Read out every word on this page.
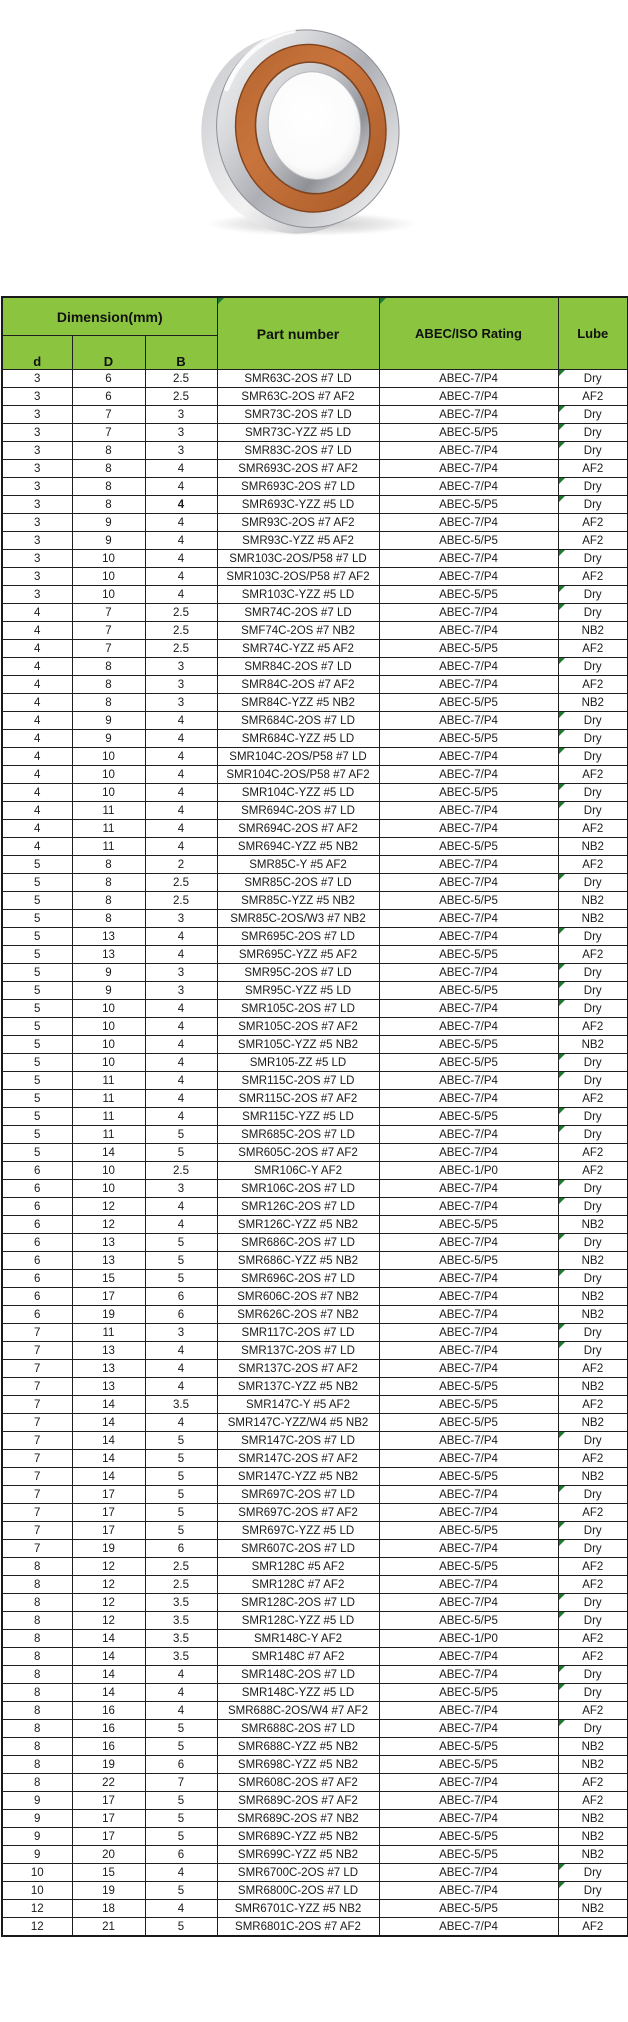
Dimension(mm)			Part number	ABEC/ISO Rating	Lube
d	D	B			
3	6	2.5	SMR63C-2OS #7 LD	ABEC-7/P4	Dry

3	6	2.5	SMR63C-2OS #7 AF2	ABEC-7/P4	AF2
3	7	3	SMR73C-2OS #7 LD	ABEC-7/P4	Dry

3	7	3	SMR73C-YZZ #5 LD	ABEC-5/P5	Dry

3	8	3	SMR83C-2OS #7 LD	ABEC-7/P4	Dry

3	8	4	SMR693C-2OS #7 AF2	ABEC-7/P4	AF2
3	8	4	SMR693C-2OS #7 LD	ABEC-7/P4	Dry

3	8	4	SMR693C-YZZ #5 LD	ABEC-5/P5	Dry

3	9	4	SMR93C-2OS #7 AF2	ABEC-7/P4	AF2
3	9	4	SMR93C-YZZ #5 AF2	ABEC-5/P5	AF2
3	10	4	SMR103C-2OS/P58 #7 LD	ABEC-7/P4	Dry

3	10	4	SMR103C-2OS/P58 #7 AF2	ABEC-7/P4	AF2
3	10	4	SMR103C-YZZ #5 LD	ABEC-5/P5	Dry

4	7	2.5	SMR74C-2OS #7 LD	ABEC-7/P4	Dry

4	7	2.5	SMF74C-2OS #7 NB2	ABEC-7/P4	NB2
4	7	2.5	SMR74C-YZZ #5 AF2	ABEC-5/P5	AF2
4	8	3	SMR84C-2OS #7 LD	ABEC-7/P4	Dry

4	8	3	SMR84C-2OS #7 AF2	ABEC-7/P4	AF2
4	8	3	SMR84C-YZZ #5 NB2	ABEC-5/P5	NB2
4	9	4	SMR684C-2OS #7 LD	ABEC-7/P4	Dry

4	9	4	SMR684C-YZZ #5 LD	ABEC-5/P5	Dry

4	10	4	SMR104C-2OS/P58 #7 LD	ABEC-7/P4	Dry

4	10	4	SMR104C-2OS/P58 #7 AF2	ABEC-7/P4	AF2
4	10	4	SMR104C-YZZ #5 LD	ABEC-5/P5	Dry

4	11	4	SMR694C-2OS #7 LD	ABEC-7/P4	Dry

4	11	4	SMR694C-2OS #7 AF2	ABEC-7/P4	AF2
4	11	4	SMR694C-YZZ #5 NB2	ABEC-5/P5	NB2
5	8	2	SMR85C-Y #5 AF2	ABEC-7/P4	AF2
5	8	2.5	SMR85C-2OS #7 LD	ABEC-7/P4	Dry

5	8	2.5	SMR85C-YZZ #5 NB2	ABEC-5/P5	NB2
5	8	3	SMR85C-2OS/W3 #7 NB2	ABEC-7/P4	NB2
5	13	4	SMR695C-2OS #7 LD	ABEC-7/P4	Dry

5	13	4	SMR695C-YZZ #5 AF2	ABEC-5/P5	AF2
5	9	3	SMR95C-2OS #7 LD	ABEC-7/P4	Dry

5	9	3	SMR95C-YZZ #5 LD	ABEC-5/P5	Dry

5	10	4	SMR105C-2OS #7 LD	ABEC-7/P4	Dry

5	10	4	SMR105C-2OS #7 AF2	ABEC-7/P4	AF2
5	10	4	SMR105C-YZZ #5 NB2	ABEC-5/P5	NB2
5	10	4	SMR105-ZZ #5 LD	ABEC-5/P5	Dry

5	11	4	SMR115C-2OS #7 LD	ABEC-7/P4	Dry

5	11	4	SMR115C-2OS #7 AF2	ABEC-7/P4	AF2
5	11	4	SMR115C-YZZ #5 LD	ABEC-5/P5	Dry

5	11	5	SMR685C-2OS #7 LD	ABEC-7/P4	Dry

5	14	5	SMR605C-2OS #7 AF2	ABEC-7/P4	AF2
6	10	2.5	SMR106C-Y AF2	ABEC-1/P0	AF2
6	10	3	SMR106C-2OS #7 LD	ABEC-7/P4	Dry

6	12	4	SMR126C-2OS #7 LD	ABEC-7/P4	Dry

6	12	4	SMR126C-YZZ #5 NB2	ABEC-5/P5	NB2
6	13	5	SMR686C-2OS #7 LD	ABEC-7/P4	Dry

6	13	5	SMR686C-YZZ #5 NB2	ABEC-5/P5	NB2
6	15	5	SMR696C-2OS #7 LD	ABEC-7/P4	Dry

6	17	6	SMR606C-2OS #7 NB2	ABEC-7/P4	NB2
6	19	6	SMR626C-2OS #7 NB2	ABEC-7/P4	NB2
7	11	3	SMR117C-2OS #7 LD	ABEC-7/P4	Dry

7	13	4	SMR137C-2OS #7 LD	ABEC-7/P4	Dry

7	13	4	SMR137C-2OS #7 AF2	ABEC-7/P4	AF2
7	13	4	SMR137C-YZZ #5 NB2	ABEC-5/P5	NB2
7	14	3.5	SMR147C-Y #5 AF2	ABEC-5/P5	AF2
7	14	4	SMR147C-YZZ/W4 #5 NB2	ABEC-5/P5	NB2
7	14	5	SMR147C-2OS #7 LD	ABEC-7/P4	Dry

7	14	5	SMR147C-2OS #7 AF2	ABEC-7/P4	AF2
7	14	5	SMR147C-YZZ #5 NB2	ABEC-5/P5	NB2
7	17	5	SMR697C-2OS #7 LD	ABEC-7/P4	Dry

7	17	5	SMR697C-2OS #7 AF2	ABEC-7/P4	AF2
7	17	5	SMR697C-YZZ #5 LD	ABEC-5/P5	Dry

7	19	6	SMR607C-2OS #7 LD	ABEC-7/P4	Dry

8	12	2.5	SMR128C #5 AF2	ABEC-5/P5	AF2
8	12	2.5	SMR128C #7 AF2	ABEC-7/P4	AF2
8	12	3.5	SMR128C-2OS #7 LD	ABEC-7/P4	Dry

8	12	3.5	SMR128C-YZZ #5 LD	ABEC-5/P5	Dry

8	14	3.5	SMR148C-Y AF2	ABEC-1/P0	AF2
8	14	3.5	SMR148C #7 AF2	ABEC-7/P4	AF2
8	14	4	SMR148C-2OS #7 LD	ABEC-7/P4	Dry

8	14	4	SMR148C-YZZ #5 LD	ABEC-5/P5	Dry

8	16	4	SMR688C-2OS/W4 #7 AF2	ABEC-7/P4	AF2
8	16	5	SMR688C-2OS #7 LD	ABEC-7/P4	Dry

8	16	5	SMR688C-YZZ #5 NB2	ABEC-5/P5	NB2
8	19	6	SMR698C-YZZ #5 NB2	ABEC-5/P5	NB2
8	22	7	SMR608C-2OS #7 AF2	ABEC-7/P4	AF2
9	17	5	SMR689C-2OS #7 AF2	ABEC-7/P4	AF2
9	17	5	SMR689C-2OS #7 NB2	ABEC-7/P4	NB2
9	17	5	SMR689C-YZZ #5 NB2	ABEC-5/P5	NB2
9	20	6	SMR699C-YZZ #5 NB2	ABEC-5/P5	NB2
10	15	4	SMR6700C-2OS #7 LD	ABEC-7/P4	Dry

10	19	5	SMR6800C-2OS #7 LD	ABEC-7/P4	Dry

12	18	4	SMR6701C-YZZ #5 NB2	ABEC-5/P5	NB2
12	21	5	SMR6801C-2OS #7 AF2	ABEC-7/P4	AF2
